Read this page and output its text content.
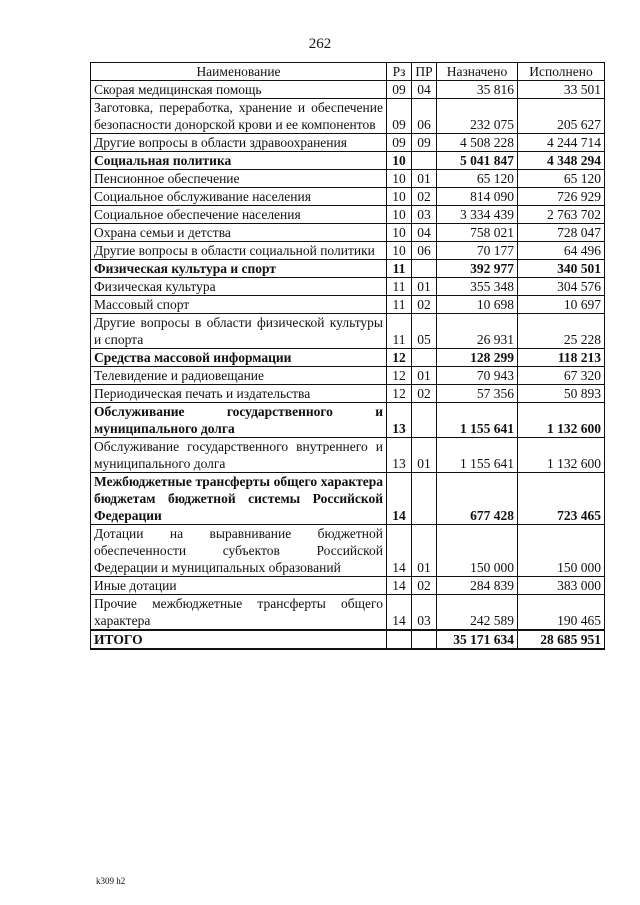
262
Наименование	Рз	ПР	Назначено	Исполнено
Скорая медицинская помощь	09	04	35 816	33 501
Заготовка, переработка, хранение и обеспечение безопасности донорской крови и ее компонентов	09	06	232 075	205 627
Другие вопросы в области здравоохранения	09	09	4 508 228	4 244 714
Социальная политика	10		5 041 847	4 348 294
Пенсионное обеспечение	10	01	65 120	65 120
Социальное обслуживание населения	10	02	814 090	726 929
Социальное обеспечение населения	10	03	3 334 439	2 763 702
Охрана семьи и детства	10	04	758 021	728 047
Другие вопросы в области социальной политики	10	06	70 177	64 496
Физическая культура и спорт	11		392 977	340 501
Физическая культура	11	01	355 348	304 576
Массовый спорт	11	02	10 698	10 697
Другие вопросы в области физической культуры и спорта	11	05	26 931	25 228
Средства массовой информации	12		128 299	118 213
Телевидение и радиовещание	12	01	70 943	67 320
Периодическая печать и издательства	12	02	57 356	50 893
Обслуживание государственного и муниципального долга	13		1 155 641	1 132 600
Обслуживание государственного внутреннего и муниципального долга	13	01	1 155 641	1 132 600
Межбюджетные трансферты общего характера бюджетам бюджетной системы Российской Федерации	14		677 428	723 465
Дотации на выравнивание бюджетной обеспеченности субъектов Российской Федерации и муниципальных образований	14	01	150 000	150 000
Иные дотации	14	02	284 839	383 000
Прочие межбюджетные трансферты общего характера	14	03	242 589	190 465
ИТОГО			35 171 634	28 685 951
k309 h2
